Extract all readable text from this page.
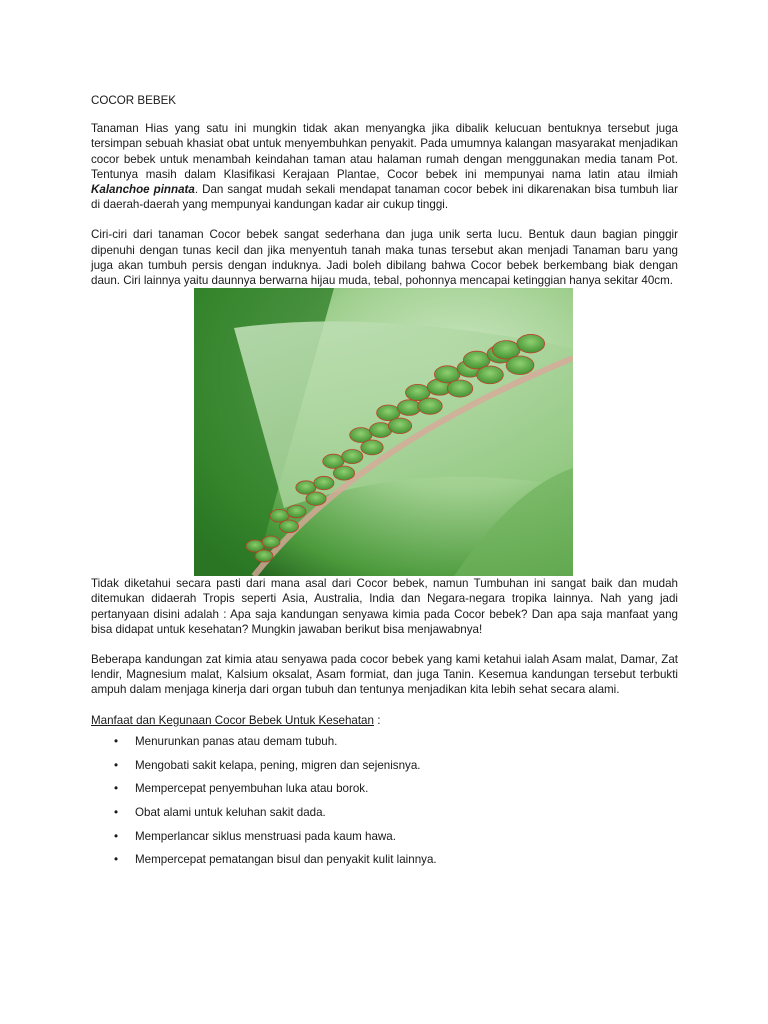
COCOR BEBEK

Tanaman Hias yang satu ini mungkin tidak akan menyangka jika dibalik kelucuan bentuknya tersebut juga tersimpan sebuah khasiat obat untuk menyembuhkan penyakit. Pada umumnya kalangan masyarakat menjadikan cocor bebek untuk menambah keindahan taman atau halaman rumah dengan menggunakan media tanam Pot. Tentunya masih dalam Klasifikasi Kerajaan Plantae, Cocor bebek ini mempunyai nama latin atau ilmiah Kalanchoe pinnata. Dan sangat mudah sekali mendapat tanaman cocor bebek ini dikarenakan bisa tumbuh liar di daerah-daerah yang mempunyai kandungan kadar air cukup tinggi.

Ciri-ciri dari tanaman Cocor bebek sangat sederhana dan juga unik serta lucu. Bentuk daun bagian pinggir dipenuhi dengan tunas kecil dan jika menyentuh tanah maka tunas tersebut akan menjadi Tanaman baru yang juga akan tumbuh persis dengan induknya. Jadi boleh dibilang bahwa Cocor bebek berkembang biak dengan daun. Ciri lainnya yaitu daunnya berwarna hijau muda, tebal, pohonnya mencapai ketinggian hanya sekitar 40cm.

Tidak diketahui secara pasti dari mana asal dari Cocor bebek, namun Tumbuhan ini sangat baik dan mudah ditemukan didaerah Tropis seperti Asia, Australia, India dan Negara-negara tropika lainnya. Nah yang jadi pertanyaan disini adalah : Apa saja kandungan senyawa kimia pada Cocor bebek? Dan apa saja manfaat yang bisa didapat untuk kesehatan? Mungkin jawaban berikut bisa menjawabnya!

Beberapa kandungan zat kimia atau senyawa pada cocor bebek yang kami ketahui ialah Asam malat, Damar, Zat lendir, Magnesium malat, Kalsium oksalat, Asam formiat, dan juga Tanin. Kesemua kandungan tersebut terbukti ampuh dalam menjaga kinerja dari organ tubuh dan tentunya menjadikan kita lebih sehat secara alami.

Manfaat dan Kegunaan Cocor Bebek Untuk Kesehatan :

• Menurunkan panas atau demam tubuh.
• Mengobati sakit kelapa, pening, migren dan sejenisnya.
• Mempercepat penyembuhan luka atau borok.
• Obat alami untuk keluhan sakit dada.
• Memperlancar siklus menstruasi pada kaum hawa.
• Mempercepat pematangan bisul dan penyakit kulit lainnya.
